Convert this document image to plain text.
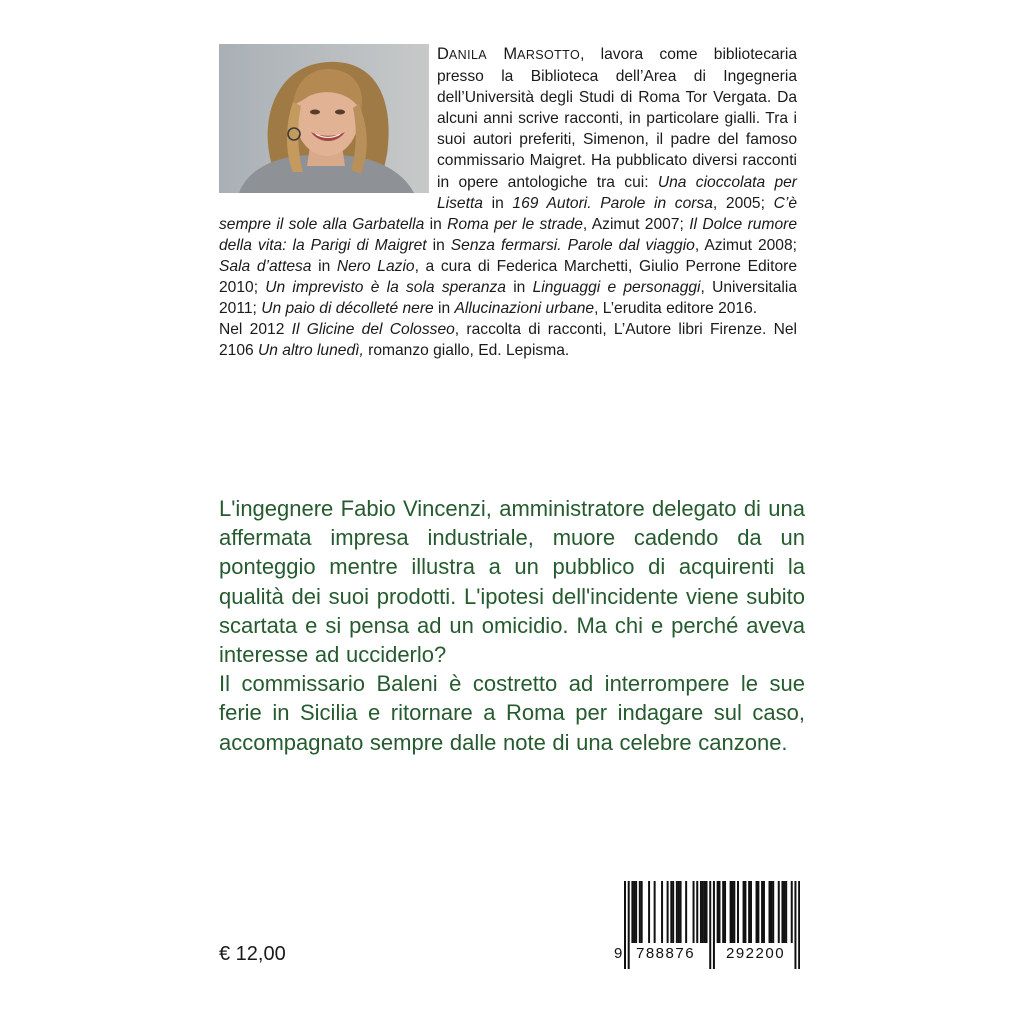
DANILA MARSOTTO, lavora come bibliotecaria presso la Biblioteca dell’Area di Ingegneria dell’Università degli Studi di Roma Tor Vergata. Da alcuni anni scrive racconti, in particolare gialli. Tra i suoi autori preferiti, Simenon, il padre del famoso commissario Maigret. Ha pubblicato diversi racconti in opere antologiche tra cui: Una cioccolata per Lisetta in 169 Autori. Parole in corsa, 2005; C’è sempre il sole alla Garbatella in Roma per le strade, Azimut 2007; Il Dolce rumore della vita: la Parigi di Maigret in Senza fermarsi. Parole dal viaggio, Azimut 2008; Sala d’attesa in Nero Lazio, a cura di Federica Marchetti, Giulio Perrone Editore 2010; Un imprevisto è la sola speranza in Linguaggi e personaggi, Universitalia 2011; Un paio di décolleté nere in Allucinazioni urbane, L’erudita editore 2016.

Nel 2012 Il Glicine del Colosseo, raccolta di racconti, L’Autore libri Firenze. Nel 2106 Un altro lunedì, romanzo giallo, Ed. Lepisma.

L'ingegnere Fabio Vincenzi, amministratore delegato di una affermata impresa industriale, muore cadendo da un ponteggio mentre illustra a un pubblico di acquirenti la qualità dei suoi prodotti. L'ipotesi dell'incidente viene subito scartata e si pensa ad un omicidio. Ma chi e perché aveva interesse ad ucciderlo?

Il commissario Baleni è costretto ad interrompere le sue ferie in Sicilia e ritornare a Roma per indagare sul caso, accompagnato sempre dalle note di una celebre canzone.

€ 12,00	9 788876 292200
